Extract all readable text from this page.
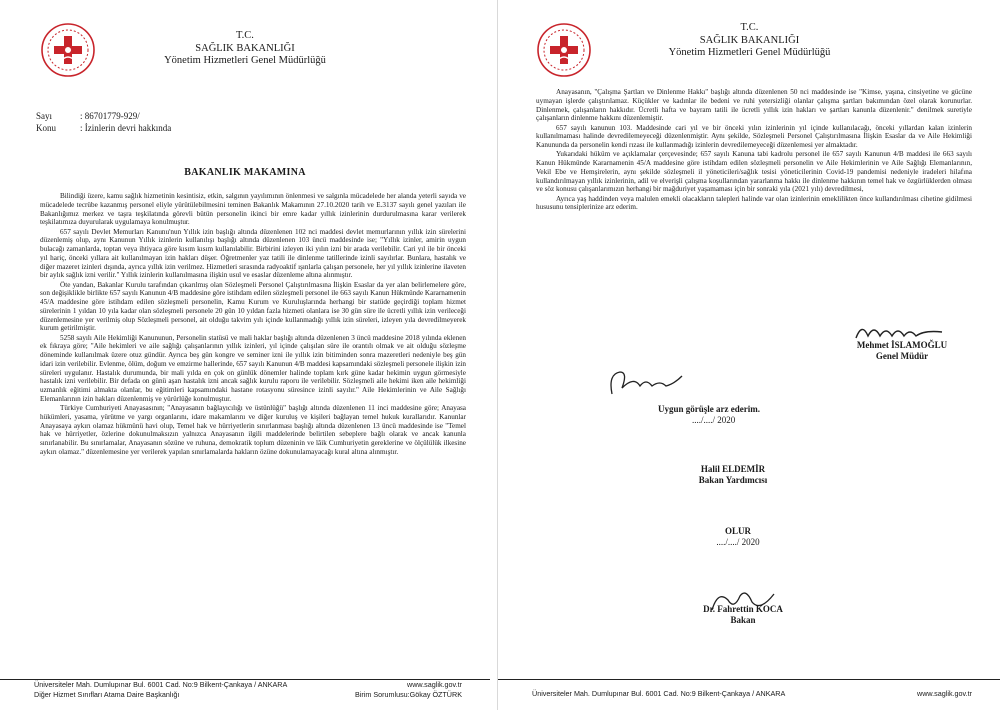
T.C.
SAĞLIK BAKANLIĞI
Yönetim Hizmetleri Genel Müdürlüğü
Sayı	: 86701779-929/
Konu	: İzinlerin devri hakkında
BAKANLIK MAKAMINA

Bilindiği üzere, kamu sağlık hizmetinin kesintisiz, etkin, salgının yayılımının önlenmesi ve salgınla mücadelede her alanda yeterli sayıda ve mücadelede tecrübe kazanmış personel eliyle yürütülebilmesini teminen Bakanlık Makamının 27.10.2020 tarih ve E.3137 sayılı genel yazıları ile Bakanlığımız merkez ve taşra teşkilatında görevli bütün personelin ikinci bir emre kadar yıllık izinlerinin durdurulmasına karar verilerek teşkilatımıza duyurularak uygulamaya konulmuştur.

657 sayılı Devlet Memurları Kanunu'nun Yıllık izin başlığı altında düzenlenen 102 nci maddesi devlet memurlarının yıllık izin sürelerini düzenlemiş olup, aynı Kanunun Yıllık izinlerin kullanılışı başlığı altında düzenlenen 103 üncü maddesinde ise; "Yıllık izinler, amirin uygun bulacağı zamanlarda, toptan veya ihtiyaca göre kısım kısım kullanılabilir. Birbirini izleyen iki yılın izni bir arada verilebilir. Cari yıl ile bir önceki yıl hariç, önceki yıllara ait kullanılmayan izin hakları düşer. Öğretmenler yaz tatili ile dinlenme tatillerinde izinli sayılırlar. Bunlara, hastalık ve diğer mazeret izinleri dışında, ayrıca yıllık izin verilmez. Hizmetleri sırasında radyoaktif ışınlarla çalışan personele, her yıl yıllık izinlerine ilaveten bir aylık sağlık izni verilir." Yıllık izinlerin kullanılmasına ilişkin usul ve esaslar düzenleme altına alınmıştır.

Öte yandan, Bakanlar Kurulu tarafından çıkarılmış olan Sözleşmeli Personel Çalıştırılmasına İlişkin Esaslar da yer alan belirlemelere göre, son değişiklikle birlikte 657 sayılı Kanunun 4/B maddesine göre istihdam edilen sözleşmeli personel ile 663 sayılı Kanun Hükmünde Kararnamenin 45/A maddesine göre istihdam edilen sözleşmeli personelin, Kamu Kurum ve Kuruluşlarında herhangi bir statüde geçirdiği toplam hizmet sürelerinin 1 yıldan 10 yıla kadar olan sözleşmeli personele 20 gün 10 yıldan fazla hizmeti olanlara ise 30 gün süre ile ücretli yıllık izin verileceği düzenlemesine yer verilmiş olup Sözleşmeli personel, ait olduğu takvim yılı içinde kullanmadığı yıllık izin süreleri, izleyen yıla devredilmeyerek kurum getirilmiştir.

5258 sayılı Aile Hekimliği Kanununun, Personelin statüsü ve mali haklar başlığı altında düzenlenen 3 üncü maddesine 2018 yılında eklenen ek fıkraya göre; "Aile hekimleri ve aile sağlığı çalışanlarının yıllık izinleri, yıl içinde çalışılan süre ile orantılı olmak ve ait olduğu sözleşme döneminde kullanılmak üzere otuz gündür. Ayrıca beş gün kongre ve seminer izni ile yıllık izin bitiminden sonra mazeretleri nedeniyle beş gün idari izin verilebilir. Evlenme, ölüm, doğum ve emzirme hallerinde, 657 sayılı Kanunun 4/B maddesi kapsamındaki sözleşmeli personele ilişkin izin süreleri uygulanır. Hastalık durumunda, bir mali yılda en çok on günlük dönemler halinde toplam kırk güne kadar hekimin uygun görmesiyle hastalık izni verilebilir. Bir defada on günü aşan hastalık izni ancak sağlık kurulu raporu ile verilebilir. Sözleşmeli aile hekimi iken aile hekimliği uzmanlık eğitimi almakta olanlar, bu eğitimleri kapsamındaki hastane rotasyonu süresince izinli sayılır." Aile Hekimlerinin ve Aile Sağlığı Elemanlarının izin hakları düzenlenmiş ve yürürlüğe konulmuştur.

Türkiye Cumhuriyeti Anayasasının; "Anayasanın bağlayıcılığı ve üstünlüğü" başlığı altında düzenlenen 11 inci maddesine göre; Anayasa hükümleri, yasama, yürütme ve yargı organlarını, idare makamlarını ve diğer kuruluş ve kişileri bağlayan temel hukuk kurallarıdır. Kanunlar Anayasaya aykırı olamaz hükmünü havi olup, Temel hak ve hürriyetlerin sınırlanması başlığı altında düzenlenen 13 üncü maddesinde ise "Temel hak ve hürriyetler, özlerine dokunulmaksızın yalnızca Anayasanın ilgili maddelerinde belirtilen sebeplere bağlı olarak ve ancak kanunla sınırlanabilir. Bu sınırlamalar, Anayasanın sözüne ve ruhuna, demokratik toplum düzeninin ve lâik Cumhuriyetin gereklerine ve ölçülülük ilkesine aykırı olamaz." düzenlemesine yer verilerek yapılan sınırlamalarda hakların özüne dokunulamayacağı kural altına alınmıştır.

Üniversiteler Mah. Dumlupınar Bul. 6001 Cad. No:9 Bilkent-Çankaya / ANKARA	www.saglik.gov.tr
Diğer Hizmet Sınıfları Atama Daire Başkanlığı	Birim Sorumlusu:Gökay ÖZTÜRK
T.C.
SAĞLIK BAKANLIĞI
Yönetim Hizmetleri Genel Müdürlüğü

Anayasanın, "Çalışma Şartları ve Dinlenme Hakkı" başlığı altında düzenlenen 50 nci maddesinde ise "Kimse, yaşına, cinsiyetine ve gücüne uymayan işlerde çalıştırılamaz. Küçükler ve kadınlar ile bedeni ve ruhi yetersizliği olanlar çalışma şartları bakımından özel olarak korunurlar. Dinlenmek, çalışanların hakkıdır. Ücretli hafta ve bayram tatili ile ücretli yıllık izin hakları ve şartları kanunla düzenlenir." denilmek suretiyle çalışanların dinlenme hakkını düzenlemiştir.

657 sayılı kanunun 103. Maddesinde cari yıl ve bir önceki yılın izinlerinin yıl içinde kullanılacağı, önceki yıllardan kalan izinlerin kullanılmaması halinde devredilemeyeceği düzenlenmiştir. Aynı şekilde, Sözleşmeli Personel Çalıştırılmasına İlişkin Esaslar da ve Aile Hekimliği Kanununda da personelin kendi rızası ile kullanmadığı izinlerin devredilemeyeceği düzenlemesi yer almaktadır.

Yukarıdaki hüküm ve açıklamalar çerçevesinde; 657 sayılı Kanuna tabi kadrolu personel ile 657 sayılı Kanunun 4/B maddesi ile 663 sayılı Kanun Hükmünde Kararnamenin 45/A maddesine göre istihdam edilen sözleşmeli personelin ve Aile Hekimlerinin ve Aile Sağlığı Elemanlarının, Vekil Ebe ve Hemşirelerin, aynı şekilde sözleşmeli il yöneticileri/sağlık tesisi yöneticilerinin Covid-19 pandemisi nedeniyle iradeleri hilafına kullandırılmayan yıllık izinlerinin, adil ve elverişli çalışma koşullarından yararlanma hakkı ile dinlenme hakkının temel hak ve özgürlüklerden olması ve söz konusu çalışanlarımızın herhangi bir mağduriyet yaşamaması için bir sonraki yıla (2021 yılı) devredilmesi,

Ayrıca yaş haddinden veya malulen emekli olacakların talepleri halinde var olan izinlerinin emeklilikten önce kullandırılması cihetine gidilmesi hususunu tensiplerinize arz ederim.

Mehmet İSLAMOĞLU
Genel Müdür
Uygun görüşle arz ederim.
..../..../ 2020
Halil ELDEMİR
Bakan Yardımcısı
OLUR
..../..../ 2020
Dr. Fahrettin KOCA
Bakan
Üniversiteler Mah. Dumlupınar Bul. 6001 Cad. No:9 Bilkent-Çankaya / ANKARA	www.saglik.gov.tr
